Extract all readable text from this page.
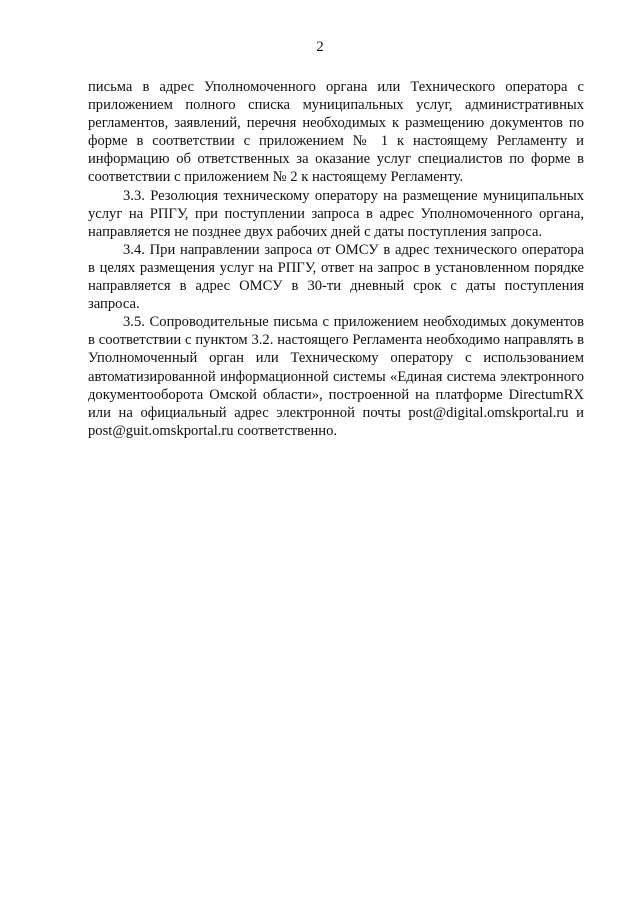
2

письма в адрес Уполномоченного органа или Технического оператора с приложением полного списка муниципальных услуг, административных регламентов, заявлений, перечня необходимых к размещению документов по форме в соответствии с приложением № 1 к настоящему Регламенту и информацию об ответственных за оказание услуг специалистов по форме в соответствии с приложением № 2 к настоящему Регламенту.

3.3. Резолюция техническому оператору на размещение муниципальных услуг на РПГУ, при поступлении запроса в адрес Уполномоченного органа, направляется не позднее двух рабочих дней с даты поступления запроса.

3.4. При направлении запроса от ОМСУ в адрес технического оператора в целях размещения услуг на РПГУ, ответ на запрос в установленном порядке направляется в адрес ОМСУ в 30-ти дневный срок с даты поступления запроса.

3.5. Сопроводительные письма с приложением необходимых документов в соответствии с пунктом 3.2. настоящего Регламента необходимо направлять в Уполномоченный орган или Техническому оператору с использованием автоматизированной информационной системы «Единая система электронного документооборота Омской области», построенной на платформе DirectumRX или на официальный адрес электронной почты post@digital.omskportal.ru и post@guit.omskportal.ru соответственно.
